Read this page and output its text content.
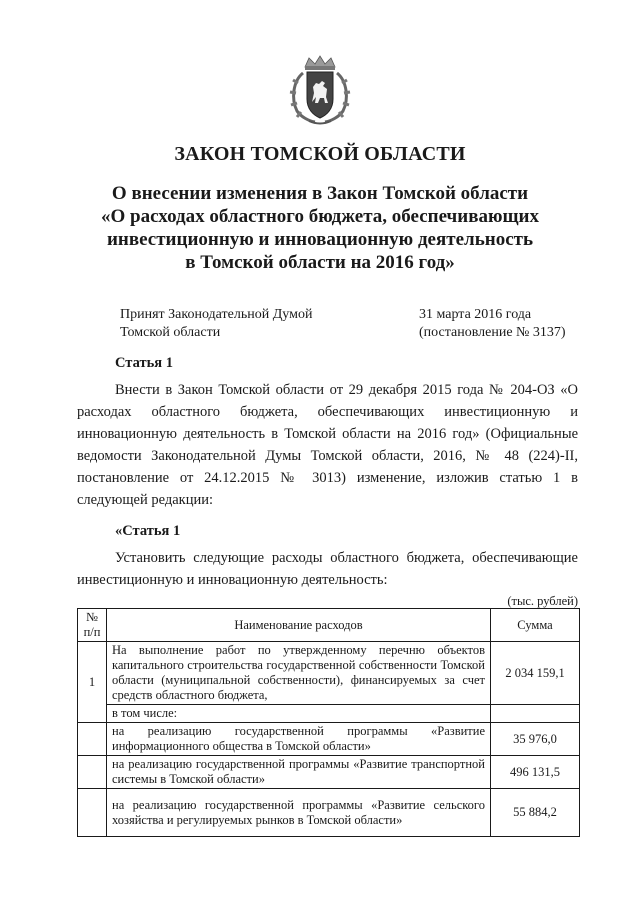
ЗАКОН ТОМСКОЙ ОБЛАСТИ
О внесении изменения в Закон Томской области
«О расходах областного бюджета, обеспечивающих
инвестиционную и инновационную деятельность
в Томской области на 2016 год»
Принят Законодательной Думой
Томской области
31 марта 2016 года
(постановление № 3137)
Статья 1
Внести в Закон Томской области от 29 декабря 2015 года № 204-ОЗ «О расходах областного бюджета, обеспечивающих инвестиционную и инновационную деятельность в Томской области на 2016 год» (Официальные ведомости Законодательной Думы Томской области, 2016, № 48 (224)-II, постановление от 24.12.2015 № 3013) изменение, изложив статью 1 в следующей редакции:
«Статья 1
Установить следующие расходы областного бюджета, обеспечивающие инвестиционную и инновационную деятельность:
(тыс. рублей)
№ п/п	Наименование расходов	Сумма
1	На выполнение работ по утвержденному перечню объектов капитального строительства государственной собственности Томской области (муниципальной собственности), финансируемых за счет средств областного бюджета,	2 034 159,1
	в том числе:	
	на реализацию государственной программы «Развитие информационного общества в Томской области»	35 976,0
	на реализацию государственной программы «Развитие транспортной системы в Томской области»	496 131,5
	на реализацию государственной программы «Развитие сельского хозяйства и регулируемых рынков в Томской области»	55 884,2
